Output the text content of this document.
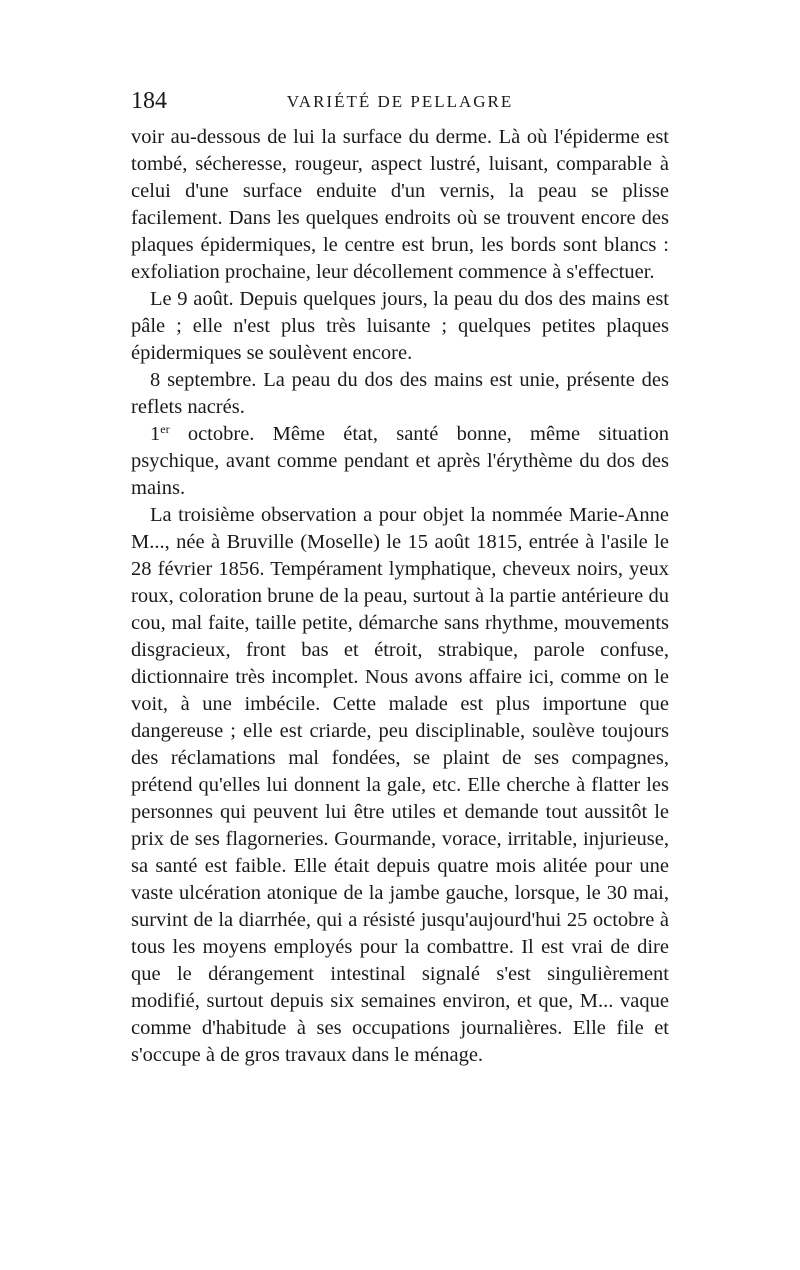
184	VARIÉTÉ DE PELLAGRE

voir au-dessous de lui la surface du derme. Là où l'épiderme est tombé, sécheresse, rougeur, aspect lustré, luisant, comparable à celui d'une surface enduite d'un vernis, la peau se plisse facilement. Dans les quelques endroits où se trouvent encore des plaques épidermiques, le centre est brun, les bords sont blancs : exfoliation prochaine, leur décollement commence à s'effectuer.

Le 9 août. Depuis quelques jours, la peau du dos des mains est pâle ; elle n'est plus très luisante ; quelques petites plaques épidermiques se soulèvent encore.

8 septembre. La peau du dos des mains est unie, présente des reflets nacrés.

1er octobre. Même état, santé bonne, même situation psychique, avant comme pendant et après l'érythème du dos des mains.

La troisième observation a pour objet la nommée Marie-Anne M..., née à Bruville (Moselle) le 15 août 1815, entrée à l'asile le 28 février 1856. Tempérament lymphatique, cheveux noirs, yeux roux, coloration brune de la peau, surtout à la partie antérieure du cou, mal faite, taille petite, démarche sans rhythme, mouvements disgracieux, front bas et étroit, strabique, parole confuse, dictionnaire très incomplet. Nous avons affaire ici, comme on le voit, à une imbécile. Cette malade est plus importune que dangereuse ; elle est criarde, peu disciplinable, soulève toujours des réclamations mal fondées, se plaint de ses compagnes, prétend qu'elles lui donnent la gale, etc. Elle cherche à flatter les personnes qui peuvent lui être utiles et demande tout aussitôt le prix de ses flagorneries. Gourmande, vorace, irritable, injurieuse, sa santé est faible. Elle était depuis quatre mois alitée pour une vaste ulcération atonique de la jambe gauche, lorsque, le 30 mai, survint de la diarrhée, qui a résisté jusqu'aujourd'hui 25 octobre à tous les moyens employés pour la combattre. Il est vrai de dire que le dérangement intestinal signalé s'est singulièrement modifié, surtout depuis six semaines environ, et que, M... vaque comme d'habitude à ses occupations journalières. Elle file et s'occupe à de gros travaux dans le ménage.
